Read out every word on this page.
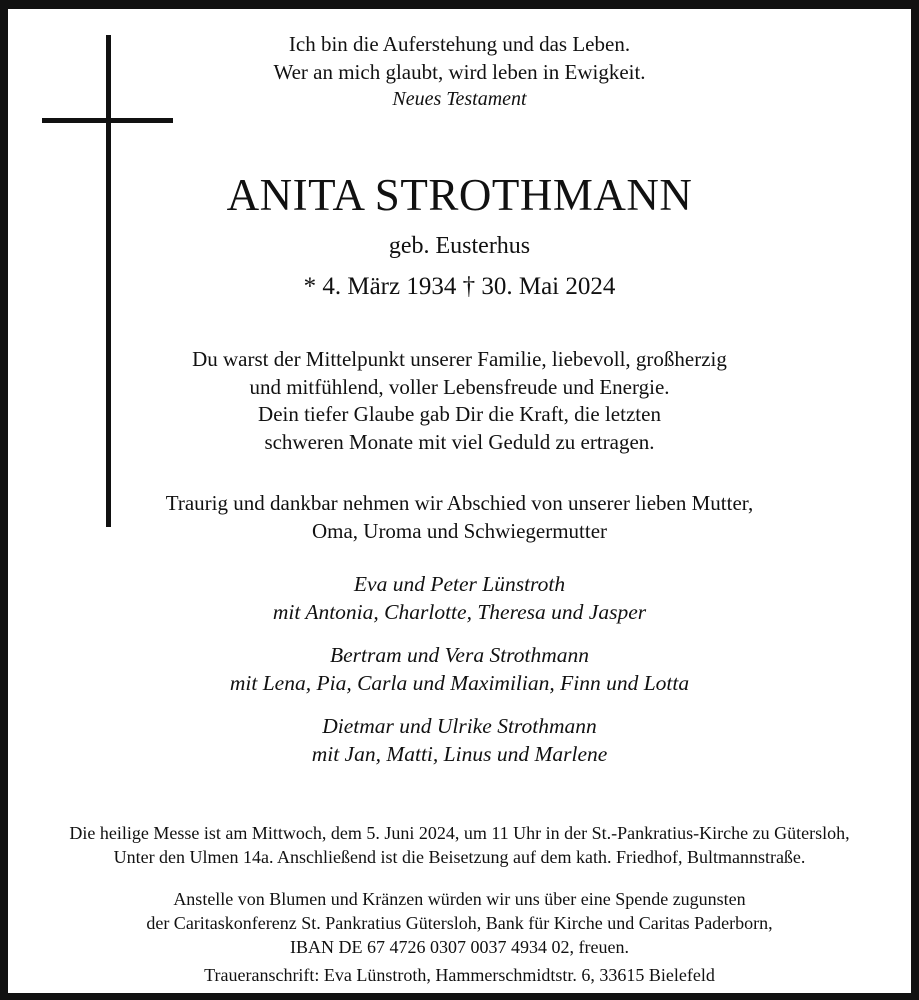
Ich bin die Auferstehung und das Leben.
Wer an mich glaubt, wird leben in Ewigkeit.
Neues Testament
ANITA STROTHMANN
geb. Eusterhus
* 4. März 1934 † 30. Mai 2024
Du warst der Mittelpunkt unserer Familie, liebevoll, großherzig
und mitfühlend, voller Lebensfreude und Energie.
Dein tiefer Glaube gab Dir die Kraft, die letzten
schweren Monate mit viel Geduld zu ertragen.
Traurig und dankbar nehmen wir Abschied von unserer lieben Mutter,
Oma, Uroma und Schwiegermutter
Eva und Peter Lünstroth
mit Antonia, Charlotte, Theresa und Jasper
Bertram und Vera Strothmann
mit Lena, Pia, Carla und Maximilian, Finn und Lotta
Dietmar und Ulrike Strothmann
mit Jan, Matti, Linus und Marlene
Die heilige Messe ist am Mittwoch, dem 5. Juni 2024, um 11 Uhr in der St.-Pankratius-Kirche zu Gütersloh,
Unter den Ulmen 14a. Anschließend ist die Beisetzung auf dem kath. Friedhof, Bultmannstraße.
Anstelle von Blumen und Kränzen würden wir uns über eine Spende zugunsten
der Caritaskonferenz St. Pankratius Gütersloh, Bank für Kirche und Caritas Paderborn,
IBAN DE 67 4726 0307 0037 4934 02, freuen.
Traueranschrift: Eva Lünstroth, Hammerschmidtstr. 6, 33615 Bielefeld
